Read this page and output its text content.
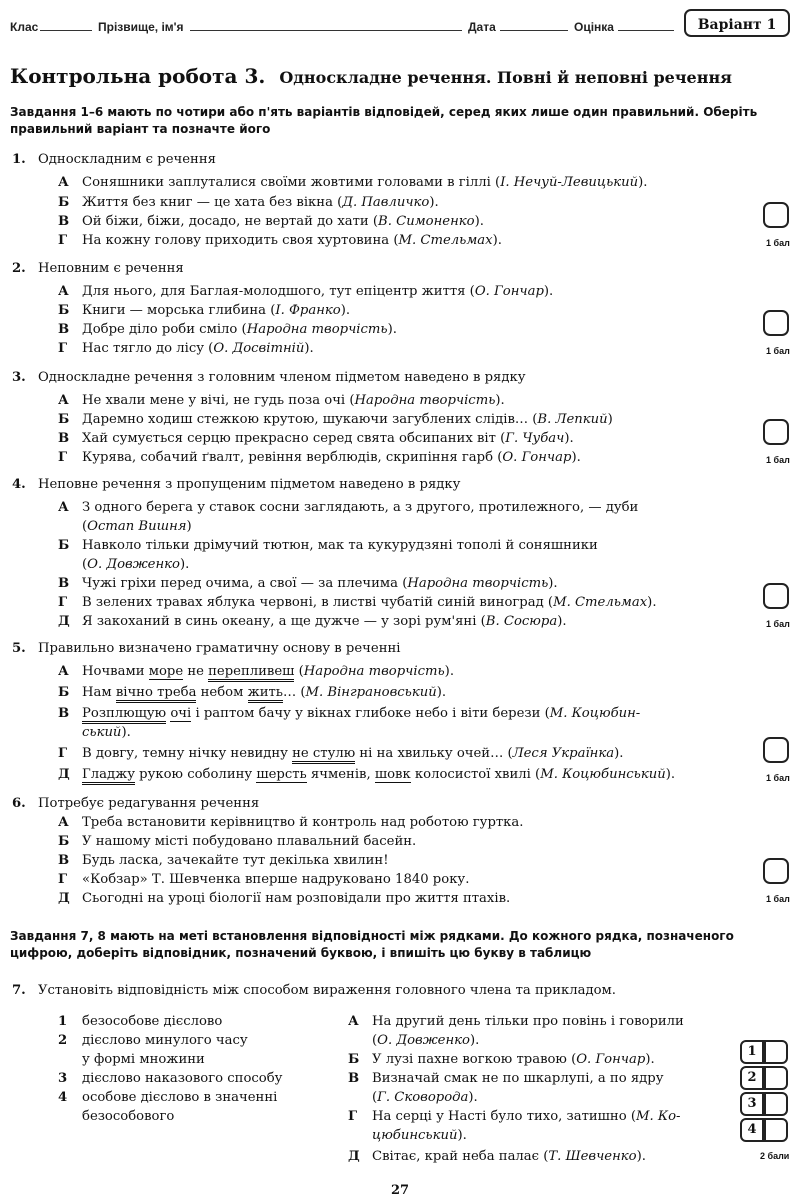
Клас	Прізвище, ім'я	Дата	Оцінка	Варіант 1
Контрольна робота 3. Односкладне речення. Повні й неповні речення
Завдання 1–6 мають по чотири або п'ять варіантів відповідей, серед яких лише один правильний. Оберіть правильний варіант та позначте його
1. Односкладним є речення
А Соняшники заплуталися своїми жовтими головами в гіллі (І. Нечуй-Левицький).
Б Життя без книг — це хата без вікна (Д. Павличко).
В Ой біжи, біжи, досадо, не вертай до хати (В. Симоненко).
Г На кожну голову приходить своя хуртовина (М. Стельмах).	1 бал
2. Неповним є речення
А Для нього, для Баглая-молодшого, тут епіцентр життя (О. Гончар).
Б Книги — морська глибина (І. Франко).
В Добре діло роби сміло (Народна творчість).
Г Нас тягло до лісу (О. Досвітній).	1 бал
3. Односкладне речення з головним членом підметом наведено в рядку
А Не хвали мене у вічі, не гудь поза очі (Народна творчість).
Б Даремно ходиш стежкою крутою, шукаючи загублених слідів… (В. Лепкий)
В Хай сумується серцю прекрасно серед свята обсипаних віт (Г. Чубач).
Г Курява, собачий ґвалт, ревіння верблюдів, скрипіння гарб (О. Гончар).	1 бал
4. Неповне речення з пропущеним підметом наведено в рядку
А З одного берега у ставок сосни заглядають, а з другого, протилежного, — дуби
(Остап Вишня)
Б Навколо тільки дрімучий тютюн, мак та кукурудзяні тополі й соняшники
(О. Довженко).
В Чужі гріхи перед очима, а свої — за плечима (Народна творчість).
Г В зелених травах яблука червоні, в листві чубатій синій виноград (М. Стельмах).
Д Я закоханий в синь океану, а ще дужче — у зорі рум'яні (В. Сосюра).	1 бал
5. Правильно визначено граматичну основу в реченні
А Ночвами море не перепливеш (Народна творчість).
Б Нам вічно треба небом жить… (М. Вінграновський).
В Розплющую очі і раптом бачу у вікнах глибоке небо і віти берези (М. Коцюбин-
ський).
Г В довгу, темну нічку невидну не стулю ні на хвильку очей… (Леся Українка).
Д Гладжу рукою соболину шерсть ячменів, шовк колосистої хвилі (М. Коцюбинський).	1 бал
6. Потребує редагування речення
А Треба встановити керівництво й контроль над роботою гуртка.
Б У нашому місті побудовано плавальний басейн.
В Будь ласка, зачекайте тут декілька хвилин!
Г «Кобзар» Т. Шевченка вперше надруковано 1840 року.
Д Сьогодні на уроці біології нам розповідали про життя птахів.	1 бал
Завдання 7, 8 мають на меті встановлення відповідності між рядками. До кожного рядка, позначеного цифрою, доберіть відповідник, позначений буквою, і впишіть цю букву в таблицю
7. Установіть відповідність між способом вираження головного члена та прикладом.
1 безособове дієслово
2 дієслово минулого часу
у формі множини
3 дієслово наказового способу
4 особове дієслово в значенні
безособового
А На другий день тільки про повінь і говорили
(О. Довженко).
Б У лузі пахне вогкою травою (О. Гончар).
В Визначай смак не по шкарлупі, а по ядру
(Г. Сковорода).
Г На серці у Насті було тихо, затишно (М. Ко-
цюбинський).
Д Світає, край неба палає (Т. Шевченко).
1
2
3
4
2 бали
27
